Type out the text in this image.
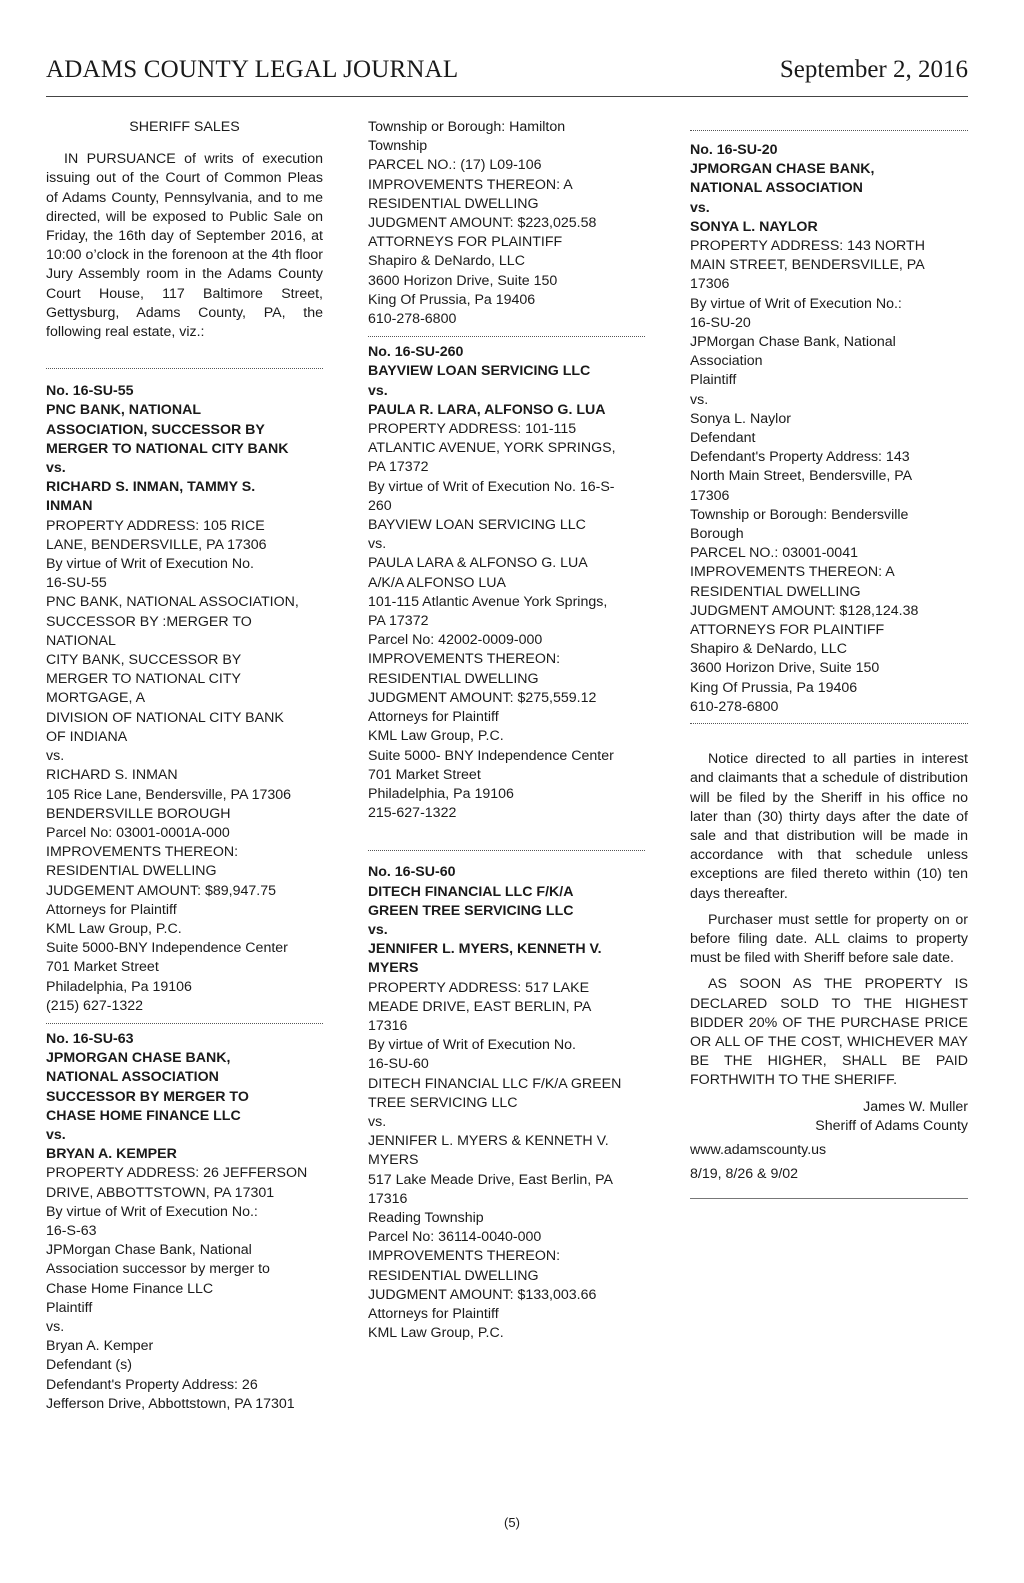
ADAMS COUNTY LEGAL JOURNAL	September 2, 2016
SHERIFF SALES
IN PURSUANCE of writs of execution issuing out of the Court of Common Pleas of Adams County, Pennsylvania, and to me directed, will be exposed to Public Sale on Friday, the 16th day of September 2016, at 10:00 o’clock in the forenoon at the 4th floor Jury Assembly room in the Adams County Court House, 117 Baltimore Street, Gettysburg, Adams County, PA, the following real estate, viz.:
No. 16-SU-55
PNC BANK, NATIONAL
ASSOCIATION, SUCCESSOR BY
MERGER TO NATIONAL CITY BANK
vs.
RICHARD S. INMAN, TAMMY S.
INMAN
PROPERTY ADDRESS: 105 RICE
LANE, BENDERSVILLE, PA 17306
By virtue of Writ of Execution No.
16-SU-55
PNC BANK, NATIONAL ASSOCIATION,
SUCCESSOR BY :MERGER TO
NATIONAL
CITY BANK, SUCCESSOR BY
MERGER TO NATIONAL CITY
MORTGAGE, A
DIVISION OF NATIONAL CITY BANK
OF INDIANA
vs.
RICHARD S. INMAN
105 Rice Lane, Bendersville, PA 17306
BENDERSVILLE BOROUGH
Parcel No: 03001-0001A-000
IMPROVEMENTS THEREON:
RESIDENTIAL DWELLING
JUDGEMENT AMOUNT: $89,947.75
Attorneys for Plaintiff
KML Law Group, P.C.
Suite 5000-BNY Independence Center
701 Market Street
Philadelphia, Pa 19106
(215) 627-1322
No. 16-SU-63
JPMORGAN CHASE BANK,
NATIONAL ASSOCIATION
SUCCESSOR BY MERGER TO
CHASE HOME FINANCE LLC
vs.
BRYAN A. KEMPER
PROPERTY ADDRESS: 26 JEFFERSON
DRIVE, ABBOTTSTOWN, PA 17301
By virtue of Writ of Execution No.:
16-S-63
JPMorgan Chase Bank, National
Association successor by merger to
Chase Home Finance LLC
Plaintiff
vs.
Bryan A. Kemper
Defendant (s)
Defendant's Property Address: 26
Jefferson Drive, Abbottstown, PA 17301
Township or Borough: Hamilton
Township
PARCEL NO.: (17) L09-106
IMPROVEMENTS THEREON: A
RESIDENTIAL DWELLING
JUDGMENT AMOUNT: $223,025.58
ATTORNEYS FOR PLAINTIFF
Shapiro & DeNardo, LLC
3600 Horizon Drive, Suite 150
King Of Prussia, Pa 19406
610-278-6800
No. 16-SU-260
BAYVIEW LOAN SERVICING LLC
vs.
PAULA R. LARA, ALFONSO G. LUA
PROPERTY ADDRESS: 101-115
ATLANTIC AVENUE, YORK SPRINGS,
PA 17372
By virtue of Writ of Execution No. 16-S-
260
BAYVIEW LOAN SERVICING LLC
vs.
PAULA LARA & ALFONSO G. LUA
A/K/A ALFONSO LUA
101-115 Atlantic Avenue York Springs,
PA 17372
Parcel No: 42002-0009-000
IMPROVEMENTS THEREON:
RESIDENTIAL DWELLING
JUDGMENT AMOUNT: $275,559.12
Attorneys for Plaintiff
KML Law Group, P.C.
Suite 5000- BNY Independence Center
701 Market Street
Philadelphia, Pa 19106
215-627-1322
No. 16-SU-60
DITECH FINANCIAL LLC F/K/A
GREEN TREE SERVICING LLC
vs.
JENNIFER L. MYERS, KENNETH V.
MYERS
PROPERTY ADDRESS: 517 LAKE
MEADE DRIVE, EAST BERLIN, PA
17316
By virtue of Writ of Execution No.
16-SU-60
DITECH FINANCIAL LLC F/K/A GREEN
TREE SERVICING LLC
vs.
JENNIFER L. MYERS & KENNETH V.
MYERS
517 Lake Meade Drive, East Berlin, PA
17316
Reading Township
Parcel No: 36114-0040-000
IMPROVEMENTS THEREON:
RESIDENTIAL DWELLING
JUDGMENT AMOUNT: $133,003.66
Attorneys for Plaintiff
KML Law Group, P.C.
No. 16-SU-20
JPMORGAN CHASE BANK,
NATIONAL ASSOCIATION
vs.
SONYA L. NAYLOR
PROPERTY ADDRESS: 143 NORTH
MAIN STREET, BENDERSVILLE, PA
17306
By virtue of Writ of Execution No.:
16-SU-20
JPMorgan Chase Bank, National
Association
Plaintiff
vs.
Sonya L. Naylor
Defendant
Defendant's Property Address: 143
North Main Street, Bendersville, PA
17306
Township or Borough: Bendersville
Borough
PARCEL NO.: 03001-0041
IMPROVEMENTS THEREON: A
RESIDENTIAL DWELLING
JUDGMENT AMOUNT: $128,124.38
ATTORNEYS FOR PLAINTIFF
Shapiro & DeNardo, LLC
3600 Horizon Drive, Suite 150
King Of Prussia, Pa 19406
610-278-6800
Notice directed to all parties in interest and claimants that a schedule of distribution will be filed by the Sheriff in his office no later than (30) thirty days after the date of sale and that distribution will be made in accordance with that schedule unless exceptions are filed thereto within (10) ten days thereafter.
Purchaser must settle for property on or before filing date. ALL claims to property must be filed with Sheriff before sale date.
AS SOON AS THE PROPERTY IS DECLARED SOLD TO THE HIGHEST BIDDER 20% OF THE PURCHASE PRICE OR ALL OF THE COST, WHICHEVER MAY BE THE HIGHER, SHALL BE PAID FORTHWITH TO THE SHERIFF.
James W. Muller
Sheriff of Adams County
www.adamscounty.us
8/19, 8/26 & 9/02
(5)
